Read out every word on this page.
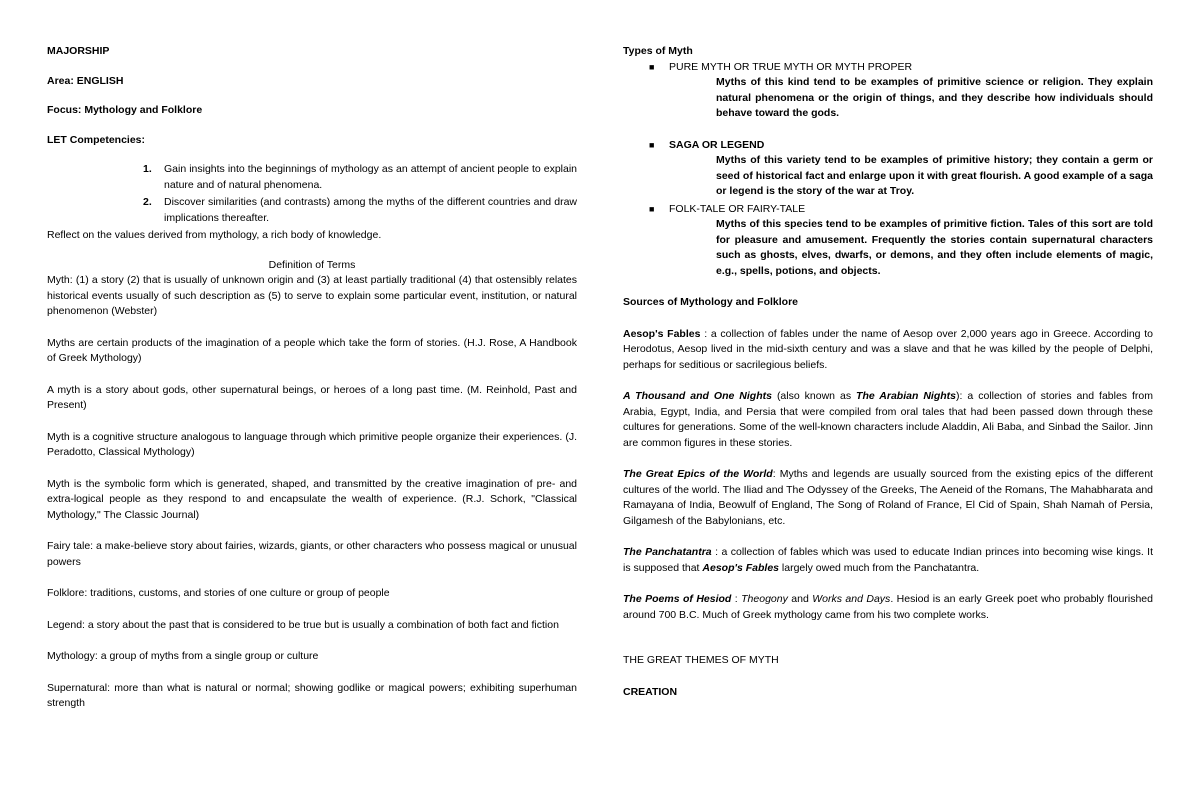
MAJORSHIP

Area: ENGLISH

Focus: Mythology and Folklore

LET Competencies:

1. Gain insights into the beginnings of mythology as an attempt of ancient people to explain nature and of natural phenomena.
2. Discover similarities (and contrasts) among the myths of the different countries and draw implications thereafter.

Reflect on the values derived from mythology, a rich body of knowledge.

Definition of Terms

Myth: (1) a story (2) that is usually of unknown origin and (3) at least partially traditional (4) that ostensibly relates historical events usually of such description as (5) to serve to explain some particular event, institution, or natural phenomenon (Webster)

Myths are certain products of the imagination of a people which take the form of stories. (H.J. Rose, A Handbook of Greek Mythology)

A myth is a story about gods, other supernatural beings, or heroes of a long past time. (M. Reinhold, Past and Present)

Myth is a cognitive structure analogous to language through which primitive people organize their experiences. (J. Peradotto, Classical Mythology)

Myth is the symbolic form which is generated, shaped, and transmitted by the creative imagination of pre- and extra-logical people as they respond to and encapsulate the wealth of experience. (R.J. Schork, "Classical Mythology," The Classic Journal)

Fairy tale: a make-believe story about fairies, wizards, giants, or other characters who possess magical or unusual powers

Folklore: traditions, customs, and stories of one culture or group of people

Legend: a story about the past that is considered to be true but is usually a combination of both fact and fiction

Mythology: a group of myths from a single group or culture

Supernatural: more than what is natural or normal; showing godlike or magical powers; exhibiting superhuman strength

Types of Myth

■ PURE MYTH OR TRUE MYTH OR MYTH PROPER

Myths of this kind tend to be examples of primitive science or religion. They explain natural phenomena or the origin of things, and they describe how individuals should behave toward the gods.

■ SAGA OR LEGEND

Myths of this variety tend to be examples of primitive history; they contain a germ or seed of historical fact and enlarge upon it with great flourish. A good example of a saga or legend is the story of the war at Troy.

■ FOLK-TALE OR FAIRY-TALE

Myths of this species tend to be examples of primitive fiction. Tales of this sort are told for pleasure and amusement. Frequently the stories contain supernatural characters such as ghosts, elves, dwarfs, or demons, and they often include elements of magic, e.g., spells, potions, and objects.

Sources of Mythology and Folklore

Aesop's Fables : a collection of fables under the name of Aesop over 2,000 years ago in Greece. According to Herodotus, Aesop lived in the mid-sixth century and was a slave and that he was killed by the people of Delphi, perhaps for seditious or sacrilegious beliefs.

A Thousand and One Nights (also known as The Arabian Nights): a collection of stories and fables from Arabia, Egypt, India, and Persia that were compiled from oral tales that had been passed down through these cultures for generations. Some of the well-known characters include Aladdin, Ali Baba, and Sinbad the Sailor. Jinn are common figures in these stories.

The Great Epics of the World: Myths and legends are usually sourced from the existing epics of the different cultures of the world. The Iliad and The Odyssey of the Greeks, The Aeneid of the Romans, The Mahabharata and Ramayana of India, Beowulf of England, The Song of Roland of France, El Cid of Spain, Shah Namah of Persia, Gilgamesh of the Babylonians, etc.

The Panchatantra : a collection of fables which was used to educate Indian princes into becoming wise kings. It is supposed that Aesop's Fables largely owed much from the Panchatantra.

The Poems of Hesiod : Theogony and Works and Days. Hesiod is an early Greek poet who probably flourished around 700 B.C. Much of Greek mythology came from his two complete works.

THE GREAT THEMES OF MYTH

CREATION
